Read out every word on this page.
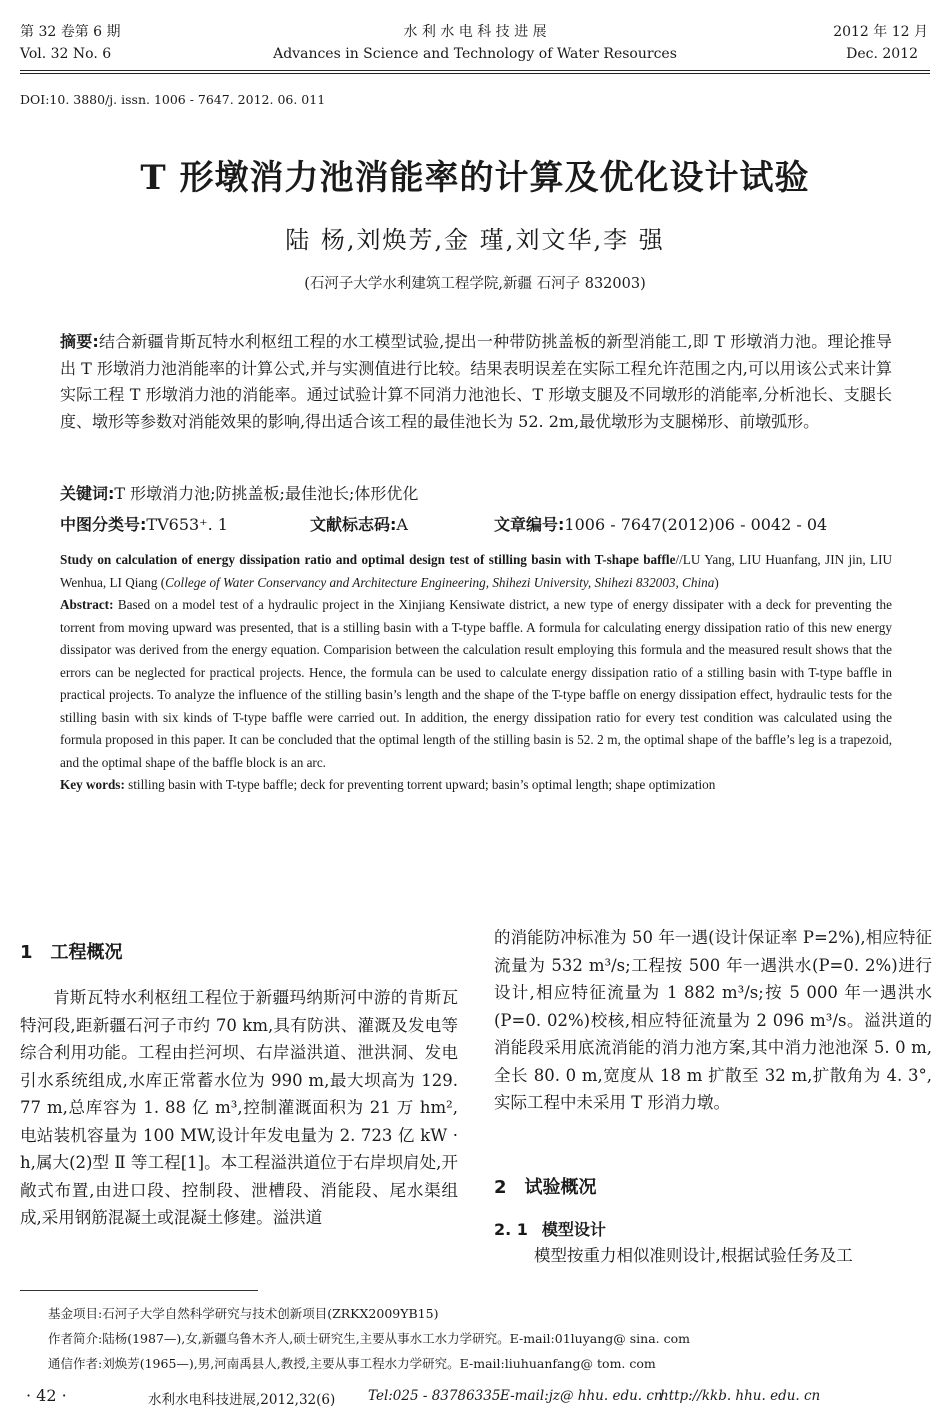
第 32 卷第 6 期
Vol. 32 No. 6
水 利 水 电 科 技 进 展
Advances in Science and Technology of Water Resources
2012 年 12 月
Dec. 2012
DOI:10. 3880/j. issn. 1006 - 7647. 2012. 06. 011
T 形墩消力池消能率的计算及优化设计试验
陆 杨,刘焕芳,金 瑾,刘文华,李 强
(石河子大学水利建筑工程学院,新疆 石河子 832003)
摘要:结合新疆肯斯瓦特水利枢纽工程的水工模型试验,提出一种带防挑盖板的新型消能工,即 T 形墩消力池。理论推导出 T 形墩消力池消能率的计算公式,并与实测值进行比较。结果表明误差在实际工程允许范围之内,可以用该公式来计算实际工程 T 形墩消力池的消能率。通过试验计算不同消力池池长、T 形墩支腿及不同墩形的消能率,分析池长、支腿长度、墩形等参数对消能效果的影响,得出适合该工程的最佳池长为 52. 2m,最优墩形为支腿梯形、前墩弧形。
关键词:T 形墩消力池;防挑盖板;最佳池长;体形优化
中图分类号:TV653⁺. 1	文献标志码:A	文章编号:1006 - 7647(2012)06 - 0042 - 04

Study on calculation of energy dissipation ratio and optimal design test of stilling basin with T-shape baffle//LU Yang, LIU Huanfang, JIN jin, LIU Wenhua, LI Qiang (College of Water Conservancy and Architecture Engineering, Shihezi University, Shihezi 832003, China)

Abstract: Based on a model test of a hydraulic project in the Xinjiang Kensiwate district, a new type of energy dissipater with a deck for preventing the torrent from moving upward was presented, that is a stilling basin with a T-type baffle. A formula for calculating energy dissipation ratio of this new energy dissipator was derived from the energy equation. Comparision between the calculation result employing this formula and the measured result shows that the errors can be neglected for practical projects. Hence, the formula can be used to calculate energy dissipation ratio of a stilling basin with T-type baffle in practical projects. To analyze the influence of the stilling basin’s length and the shape of the T-type baffle on energy dissipation effect, hydraulic tests for the stilling basin with six kinds of T-type baffle were carried out. In addition, the energy dissipation ratio for every test condition was calculated using the formula proposed in this paper. It can be concluded that the optimal length of the stilling basin is 52. 2 m, the optimal shape of the baffle’s leg is a trapezoid, and the optimal shape of the baffle block is an arc.

Key words: stilling basin with T-type baffle; deck for preventing torrent upward; basin’s optimal length; shape optimization

1 工程概况
肯斯瓦特水利枢纽工程位于新疆玛纳斯河中游的肯斯瓦特河段,距新疆石河子市约 70 km,具有防洪、灌溉及发电等综合利用功能。工程由拦河坝、右岸溢洪道、泄洪洞、发电引水系统组成,水库正常蓄水位为 990 m,最大坝高为 129. 77 m,总库容为 1. 88 亿 m³,控制灌溉面积为 21 万 hm²,电站装机容量为 100 MW,设计年发电量为 2. 723 亿 kW · h,属大(2)型 Ⅱ 等工程[1]。本工程溢洪道位于右岸坝肩处,开敞式布置,由进口段、控制段、泄槽段、消能段、尾水渠组成,采用钢筋混凝土或混凝土修建。溢洪道
的消能防冲标准为 50 年一遇(设计保证率 P=2%),相应特征流量为 532 m³/s;工程按 500 年一遇洪水(P=0. 2%)进行设计,相应特征流量为 1 882 m³/s;按 5 000 年一遇洪水(P=0. 02%)校核,相应特征流量为 2 096 m³/s。溢洪道的消能段采用底流消能的消力池方案,其中消力池池深 5. 0 m,全长 80. 0 m,宽度从 18 m 扩散至 32 m,扩散角为 4. 3°,实际工程中未采用 T 形消力墩。
2 试验概况
2. 1 模型设计
模型按重力相似准则设计,根据试验任务及工
基金项目:石河子大学自然科学研究与技术创新项目(ZRKX2009YB15)
作者简介:陆杨(1987—),女,新疆乌鲁木齐人,硕士研究生,主要从事水工水力学研究。E-mail:01luyang@ sina. com
通信作者:刘焕芳(1965—),男,河南禹县人,教授,主要从事工程水力学研究。E-mail:liuhuanfang@ tom. com
· 42 ·	水利水电科技进展,2012,32(6) Tel:025 - 83786335 E-mail:jz@ hhu. edu. cn
http://kkb. hhu. edu. cn
